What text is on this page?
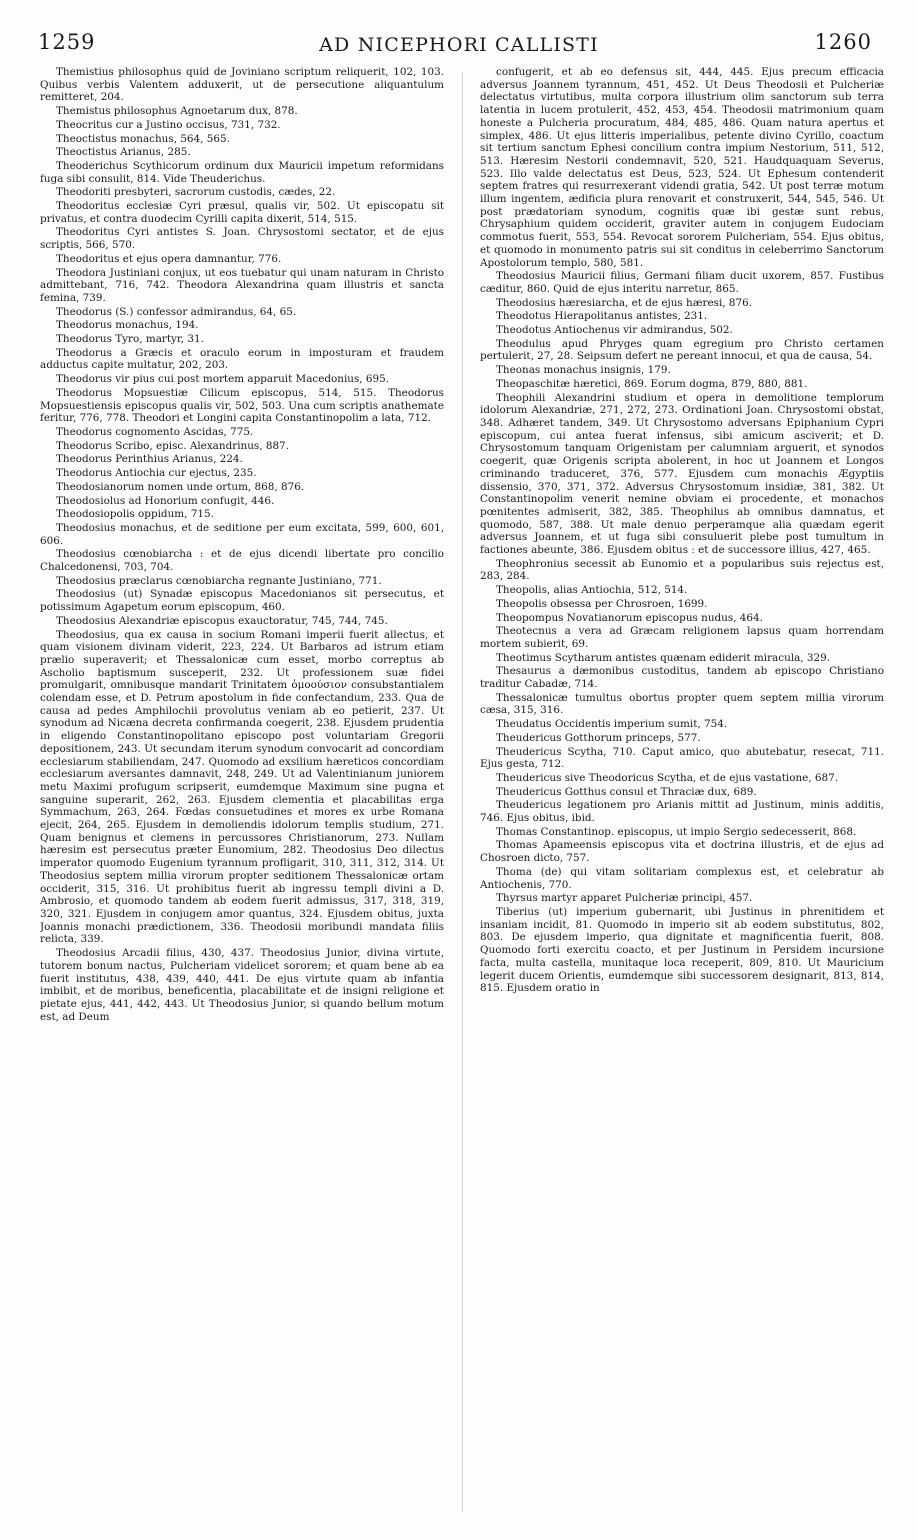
1259	AD NICEPHORI CALLISTI	1260

Themistius philosophus quid de Joviniano scriptum reliquerit, 102, 103. Quibus verbis Valentem adduxerit, ut de persecutione aliquantulum remitteret, 204.

Themistus philosophus Agnoetarum dux, 878.

Theocritus cur a Justino occisus, 731, 732.

Theoctistus monachus, 564, 565.

Theoctistus Arianus, 285.

Theoderichus Scythicorum ordinum dux Mauricii impetum reformidans fuga sibi consulit, 814. Vide Theuderichus.

Theodoriti presbyteri, sacrorum custodis, cædes, 22.

Theodoritus ecclesiæ Cyri præsul, qualis vir, 502. Ut episcopatu sit privatus, et contra duodecim Cyrilli capita dixerit, 514, 515.

Theodoritus Cyri antistes S. Joan. Chrysostomi sectator, et de ejus scriptis, 566, 570.

Theodoritus et ejus opera damnantur, 776.

Theodora Justiniani conjux, ut eos tuebatur qui unam naturam in Christo admittebant, 716, 742. Theodora Alexandrina quam illustris et sancta femina, 739.

Theodorus (S.) confessor admirandus, 64, 65.

Theodorus monachus, 194.

Theodorus Tyro, martyr, 31.

Theodorus a Græcis et oraculo eorum in imposturam et fraudem adductus capite multatur, 202, 203.

Theodorus vir pius cui post mortem apparuit Macedonius, 695.

Theodorus Mopsuestiæ Cilicum episcopus, 514, 515. Theodorus Mopsuestiensis episcopus qualis vir, 502, 503. Una cum scriptis anathemate feritur, 776, 778. Theodori et Longini capita Constantinopolim a lata, 712.

Theodorus cognomento Ascidas, 775.

Theodorus Scribo, episc. Alexandrinus, 887.

Theodorus Perinthius Arianus, 224.

Theodorus Antiochia cur ejectus, 235.

Theodosianorum nomen unde ortum, 868, 876.

Theodosiolus ad Honorium confugit, 446.

Theodosiopolis oppidum, 715.

Theodosius monachus, et de seditione per eum excitata, 599, 600, 601, 606.

Theodosius cœnobiarcha : et de ejus dicendi libertate pro concilio Chalcedonensi, 703, 704.

Theodosius præclarus cœnobiarcha regnante Justiniano, 771.

Theodosius (ut) Synadæ episcopus Macedonianos sit persecutus, et potissimum Agapetum eorum episcopum, 460.

Theodosius Alexandriæ episcopus exauctoratur, 745, 744, 745.

Theodosius, qua ex causa in socium Romani imperii fuerit allectus, et quam visionem divinam viderit, 223, 224. Ut Barbaros ad istrum etiam prælio superaverit; et Thessalonicæ cum esset, morbo correptus ab Ascholio baptismum susceperit, 232. Ut professionem suæ fidei promulgarit, omnibusque mandarit Trinitatem ὁμοούσιον consubstantialem colendam esse, et D. Petrum apostolum in fide confectandum, 233. Qua de causa ad pedes Amphilochii provolutus veniam ab eo petierit, 237. Ut synodum ad Nicæna decreta confirmanda coegerit, 238. Ejusdem prudentia in eligendo Constantinopolitano episcopo post voluntariam Gregorii depositionem, 243. Ut secundam iterum synodum convocarit ad concordiam ecclesiarum stabiliendam, 247. Quomodo ad exsilium hæreticos concordiam ecclesiarum aversantes damnavit, 248, 249. Ut ad Valentinianum juniorem metu Maximi profugum scripserit, eumdemque Maximum sine pugna et sanguine superarit, 262, 263. Ejusdem clementia et placabilitas erga Symmachum, 263, 264. Fœdas consuetudines et mores ex urbe Romana ejecit, 264, 265. Ejusdem in demoliendis idolorum templis studium, 271. Quam benignus et clemens in percussores Christianorum, 273. Nullam hæresim est persecutus præter Eunomium, 282. Theodosius Deo dilectus imperator quomodo Eugenium tyrannum profligarit, 310, 311, 312, 314. Ut Theodosius septem millia virorum propter seditionem Thessalonicæ ortam occiderit, 315, 316. Ut prohibitus fuerit ab ingressu templi divini a D. Ambrosio, et quomodo tandem ab eodem fuerit admissus, 317, 318, 319, 320, 321. Ejusdem in conjugem amor quantus, 324. Ejusdem obitus, juxta Joannis monachi prædictionem, 336. Theodosii moribundi mandata filiis relicta, 339.

Theodosius Arcadii filius, 430, 437. Theodosius Junior, divina virtute, tutorem bonum nactus, Pulcheriam videlicet sororem; et quam bene ab ea fuerit institutus, 438, 439, 440, 441. De ejus virtute quam ab infantia imbibit, et de moribus, beneficentia, placabilitate et de insigni religione et pietate ejus, 441, 442, 443. Ut Theodosius Junior, si quando bellum motum est, ad Deum

confugerit, et ab eo defensus sit, 444, 445. Ejus precum efficacia adversus Joannem tyrannum, 451, 452. Ut Deus Theodosii et Pulcheriæ delectatus virtutibus, multa corpora illustrium olim sanctorum sub terra latentia in lucem protulerit, 452, 453, 454. Theodosii matrimonium quam honeste a Pulcheria procuratum, 484, 485, 486. Quam natura apertus et simplex, 486. Ut ejus litteris imperialibus, petente divino Cyrillo, coactum sit tertium sanctum Ephesi concilium contra impium Nestorium, 511, 512, 513. Hæresim Nestorii condemnavit, 520, 521. Haudquaquam Severus, 523. Illo valde delectatus est Deus, 523, 524. Ut Ephesum contenderit septem fratres qui resurrexerant videndi gratia, 542. Ut post terræ motum illum ingentem, ædificia plura renovarit et construxerit, 544, 545, 546. Ut post prædatoriam synodum, cognitis quæ ibi gestæ sunt rebus, Chrysaphium quidem occiderit, graviter autem in conjugem Eudociam commotus fuerit, 553, 554. Revocat sororem Pulcheriam, 554. Ejus obitus, et quomodo in monumento patris sui sit conditus in celeberrimo Sanctorum Apostolorum templo, 580, 581.

Theodosius Mauricii filius, Germani filiam ducit uxorem, 857. Fustibus cæditur, 860. Quid de ejus interitu narretur, 865.

Theodosius hæresiarcha, et de ejus hæresi, 876.

Theodotus Hierapolitanus antistes, 231.

Theodotus Antiochenus vir admirandus, 502.

Theodulus apud Phryges quam egregium pro Christo certamen pertulerit, 27, 28. Seipsum defert ne pereant innocui, et qua de causa, 54.

Theonas monachus insignis, 179.

Theopaschitæ hæretici, 869. Eorum dogma, 879, 880, 881.

Theophili Alexandrini studium et opera in demolitione templorum idolorum Alexandriæ, 271, 272, 273. Ordinationi Joan. Chrysostomi obstat, 348. Adhæret tandem, 349. Ut Chrysostomo adversans Epiphanium Cypri episcopum, cui antea fuerat infensus, sibi amicum asciverit; et D. Chrysostomum tanquam Origenistam per calumniam arguerit, et synodos coegerit, quæ Origenis scripta abolerent, in hoc ut Joannem et Longos criminando traduceret, 376, 577. Ejusdem cum monachis Ægyptiis dissensio, 370, 371, 372. Adversus Chrysostomum insidiæ, 381, 382. Ut Constantinopolim venerit nemine obviam ei procedente, et monachos pœnitentes admiserit, 382, 385. Theophilus ab omnibus damnatus, et quomodo, 587, 388. Ut male denuo perperamque alia quædam egerit adversus Joannem, et ut fuga sibi consuluerit plebe post tumultum in factiones abeunte, 386. Ejusdem obitus : et de successore illius, 427, 465.

Theophronius secessit ab Eunomio et a popularibus suis rejectus est, 283, 284.

Theopolis, alias Antiochia, 512, 514.

Theopolis obsessa per Chrosroen, 1699.

Theopompus Novatianorum episcopus nudus, 464.

Theotecnus a vera ad Græcam religionem lapsus quam horrendam mortem subierit, 69.

Theotimus Scytharum antistes quænam ediderit miracula, 329.

Thesaurus a dæmonibus custoditus, tandem ab episcopo Christiano traditur Cabadæ, 714.

Thessalonicæ tumultus obortus propter quem septem millia virorum cæsa, 315, 316.

Theudatus Occidentis imperium sumit, 754.

Theudericus Gotthorum princeps, 577.

Theudericus Scytha, 710. Caput amico, quo abutebatur, resecat, 711. Ejus gesta, 712.

Theudericus sive Theodoricus Scytha, et de ejus vastatione, 687.

Theudericus Gotthus consul et Thraciæ dux, 689.

Theudericus legationem pro Arianis mittit ad Justinum, minis additis, 746. Ejus obitus, ibid.

Thomas Constantinop. episcopus, ut impio Sergio sedecesserit, 868.

Thomas Apameensis episcopus vita et doctrina illustris, et de ejus ad Chosroen dicto, 757.

Thoma (de) qui vitam solitariam complexus est, et celebratur ab Antiochenis, 770.

Thyrsus martyr apparet Pulcheriæ principi, 457.

Tiberius (ut) imperium gubernarit, ubi Justinus in phrenitidem et insaniam incidit, 81. Quomodo in imperio sit ab eodem substitutus, 802, 803. De ejusdem imperio, qua dignitate et magnificentia fuerit, 808. Quomodo forti exercitu coacto, et per Justinum in Persidem incursione facta, multa castella, munitaque loca receperit, 809, 810. Ut Mauricium legerit ducem Orientis, eumdemque sibi successorem designarit, 813, 814, 815. Ejusdem oratio in
